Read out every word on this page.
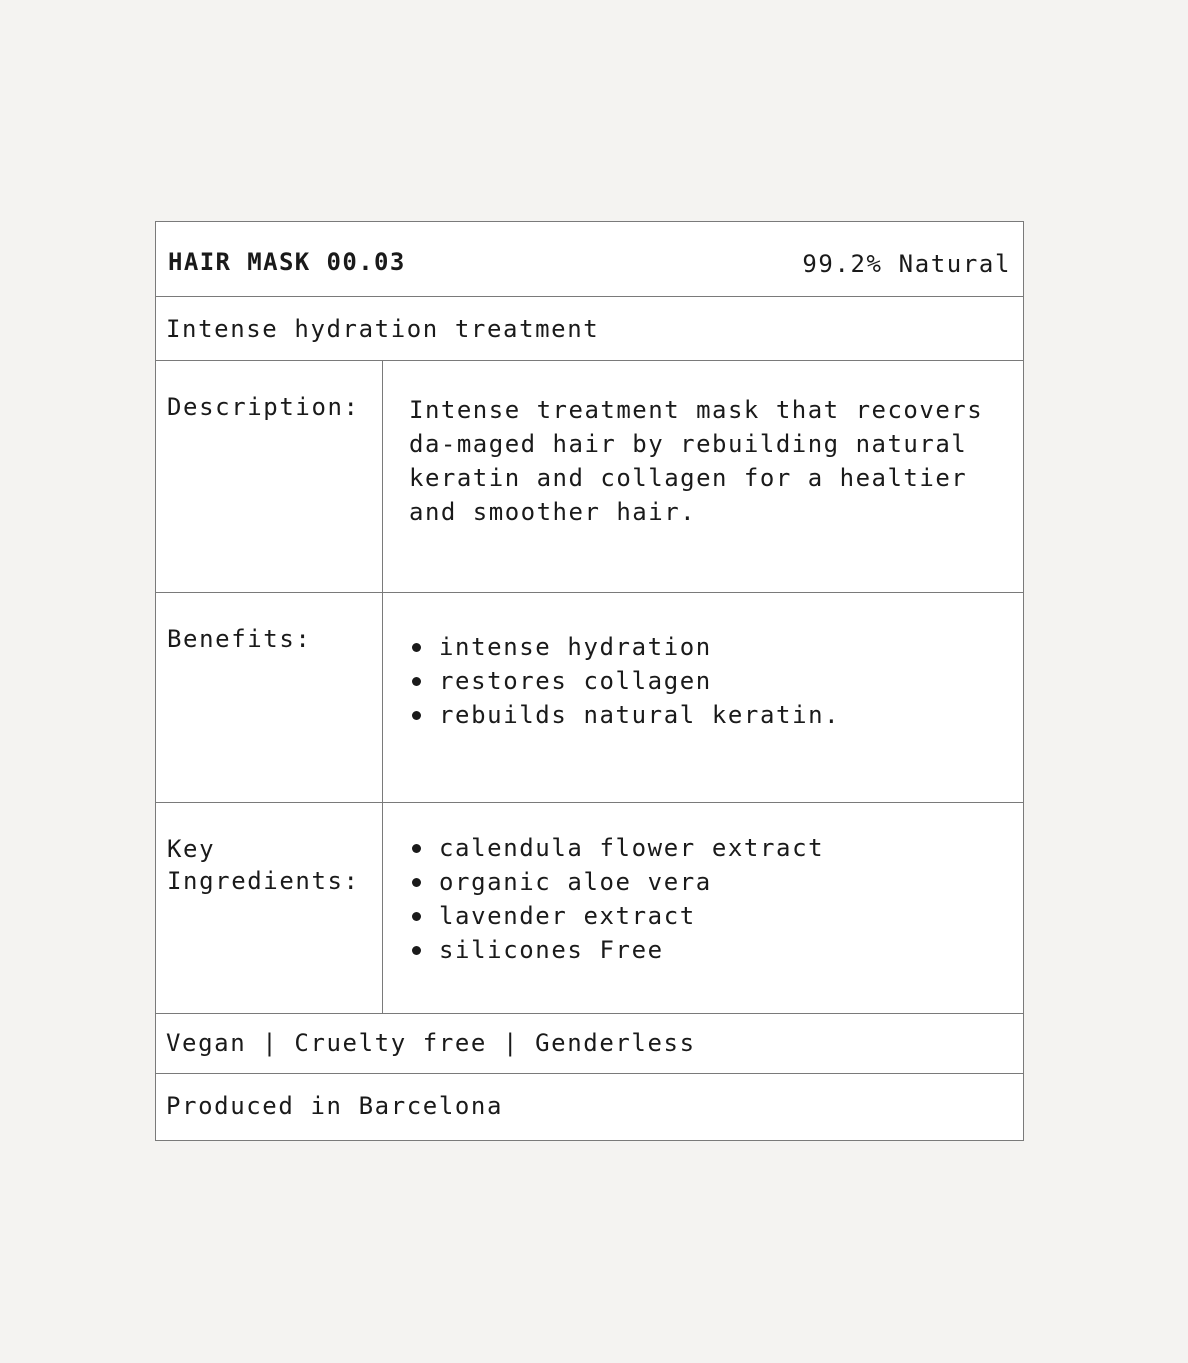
HAIR MASK 00.03	99.2% Natural
Intense hydration treatment
Description:	Intense treatment mask that recovers da-maged hair by rebuilding natural keratin and collagen for a healtier and smoother hair.
Benefits:	intense hydration
restores collagen
rebuilds natural keratin.
Key Ingredients:
calendula flower extract
organic aloe vera
lavender extract
silicones Free
Vegan | Cruelty free | Genderless
Produced in Barcelona
